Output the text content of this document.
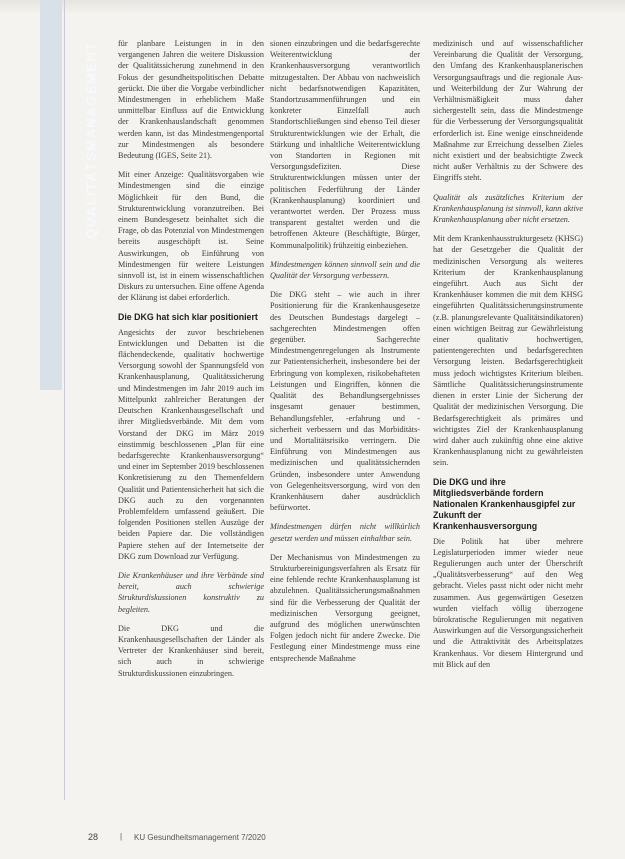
QUALITÄTSMANAGEMENT für planbare Leistungen in in den vergangenen Jahren die weitere Diskussion der Qualitätssicherung zunehmend in den Fokus der gesundheitspolitischen Debatte gerückt. Die über die Vorgabe verbindlicher Mindestmengen in erheblichem Maße unmittelbar Einfluss auf die Entwicklung der Krankenhauslandschaft genommen werden kann, ist das Mindestmengenportal zur Mindestmengen als besondere Bedeutung (IGES, Seite 21).

Mit einer Anzeige: Qualitätsvorgaben wie Mindestmengen sind die einzige Möglichkeit für den Bund, die Strukturentwicklung voranzutreiben. Bei einem Bundesgesetz beinhaltet sich die Frage, ob das Potenzial von Mindestmengen bereits ausgeschöpft ist. Seine Auswirkungen, ob Einführung von Mindestmengen für weitere Leistungen sinnvoll ist, ist in einem wissenschaftlichen Diskurs zu untersuchen. Eine offene Agenda der Klärung ist dabei erforderlich.

Die DKG hat sich klar positioniert

Angesichts der zuvor beschriebenen Entwicklungen und Debatten ist die flächendeckende, qualitativ hochwertige Versorgung sowohl der Spannungsfeld von Krankenhausplanung, Qualitätssicherung und Mindestmengen im Jahr 2019 auch im Mittelpunkt zahlreicher Beratungen der Deutschen Krankenhausgesellschaft und ihrer Mitgliedsverbände. Mit dem vom Vorstand der DKG im März 2019 einstimmig beschlossenen „Plan für eine bedarfsgerechte Krankenhausversorgung“ und einer im September 2019 beschlossenen Konkretisierung zu den Themenfeldern Qualität und Patientensicherheit hat sich die DKG auch zu den vorgenannten Problemfeldern umfassend geäußert. Die folgenden Positionen stellen Auszüge der beiden Papiere dar. Die vollständigen Papiere stehen auf der Internetseite der DKG zum Download zur Verfügung.

Die Krankenhäuser und ihre Verbände sind bereit, auch schwierige Strukturdiskussionen konstruktiv zu begleiten.

Die DKG und die Krankenhausgesellschaften der Länder als Vertreter der Krankenhäuser sind bereit, sich auch in schwierige Strukturdiskussionen einzubringen.

sionen einzubringen und die bedarfsgerechte Weiterentwicklung der Krankenhausversorgung verantwortlich mitzugestalten. Der Abbau von nachweislich nicht bedarfsnotwendigen Kapazitäten, Standortzusammenführungen und ein konkreter Einzelfall auch Standortschließungen sind ebenso Teil dieser Strukturentwicklungen wie der Erhalt, die Stärkung und inhaltliche Weiterentwicklung von Standorten in Regionen mit Versorgungsdefiziten. Diese Strukturentwicklungen müssen unter der politischen Federführung der Länder (Krankenhausplanung) koordiniert und verantwortet werden. Der Prozess muss transparent gestaltet werden und die betroffenen Akteure (Beschäftigte, Bürger, Kommunalpolitik) frühzeitig einbeziehen.

Mindestmengen können sinnvoll sein und die Qualität der Versorgung verbessern.

Die DKG steht – wie auch in ihrer Positionierung für die Krankenhausgesetze des Deutschen Bundestags dargelegt – sachgerechten Mindestmengen offen gegenüber. Sachgerechte Mindestmengenregelungen als Instrumente zur Patientensicherheit, insbesondere bei der Erbringung von komplexen, risikobehafteten Leistungen und Eingriffen, können die Qualität des Behandlungsergebnisses insgesamt genauer bestimmen, Behandlungsfehler, -erfahrung und -sicherheit verbessern und das Morbiditäts- und Mortalitätsrisiko verringern. Die Einführung von Mindestmengen aus medizinischen und qualitätssichernden Gründen, insbesondere unter Anwendung von Gelegenheitsversorgung, wird von den Krankenhäusern daher ausdrücklich befürwortet.

Mindestmengen dürfen nicht willkürlich gesetzt werden und müssen einhaltbar sein.

Der Mechanismus von Mindestmengen zu Strukturbereinigungsverfahren als Ersatz für eine fehlende rechte Krankenhausplanung ist abzulehnen. Qualitätssicherungsmaßnahmen sind für die Verbesserung der Qualität der medizinischen Versorgung geeignet, aufgrund des möglichen unerwünschten Folgen jedoch nicht für andere Zwecke. Die Festlegung einer Mindestmenge muss eine entsprechende Maßnahme

medizinisch und auf wissenschaftlicher Vereinbarung die Qualität der Versorgung, den Umfang des Krankenhausplanerischen Versorgungsauftrags und die regionale Aus- und Weiterbildung der Zur Wahrung der Verhältnismäßigkeit muss daher sichergestellt sein, dass die Mindestmenge für die Verbesserung der Versorgungsqualität erforderlich ist. Eine wenige einschneidende Maßnahme zur Erreichung desselben Zieles nicht existiert und der beabsichtigte Zweck nicht außer Verhältnis zu der Schwere des Eingriffs steht.

Qualität als zusätzliches Kriterium der Krankenhausplanung ist sinnvoll, kann aktive Krankenhausplanung aber nicht ersetzen.

Mit dem Krankenhausstrukturgesetz (KHSG) hat der Gesetzgeber die Qualität der medizinischen Versorgung als weiteres Kriterium der Krankenhausplanung eingeführt. Auch aus Sicht der Krankenhäuser kommen die mit dem KHSG eingeführten Qualitätssicherungsinstrumente (z.B. planungsrelevante Qualitätsindikatoren) einen wichtigen Beitrag zur Gewährleistung einer qualitativ hochwertigen, patientengerechten und bedarfsgerechten Versorgung leisten. Bedarfsgerechtigkeit muss jedoch wichtigstes Kriterium bleiben. Sämtliche Qualitätssicherungsinstrumente dienen in erster Linie der Sicherung der Qualität der medizinischen Versorgung. Die Bedarfsgerechtigkeit als primäres und wichtigstes Ziel der Krankenhausplanung wird daher auch zukünftig ohne eine aktive Krankenhausplanung nicht zu gewährleisten sein.

Die DKG und ihre Mitgliedsverbände fordern Nationalen Krankenhausgipfel zur Zukunft der Krankenhausversorgung

Die Politik hat über mehrere Legislaturperioden immer wieder neue Regulierungen auch unter der Überschrift „Qualitätsverbesserung“ auf den Weg gebracht. Vieles passt nicht oder nicht mehr zusammen. Aus gegenwärtigen Gesetzen wurden vielfach völlig überzogene bürokratische Regulierungen mit negativen Auswirkungen auf die Versorgungssicherheit und die Attraktivität des Arbeitsplatzes Krankenhaus. Vor diesem Hintergrund und mit Blick auf den

28	| KU Gesundheitsmanagement 7/2020
